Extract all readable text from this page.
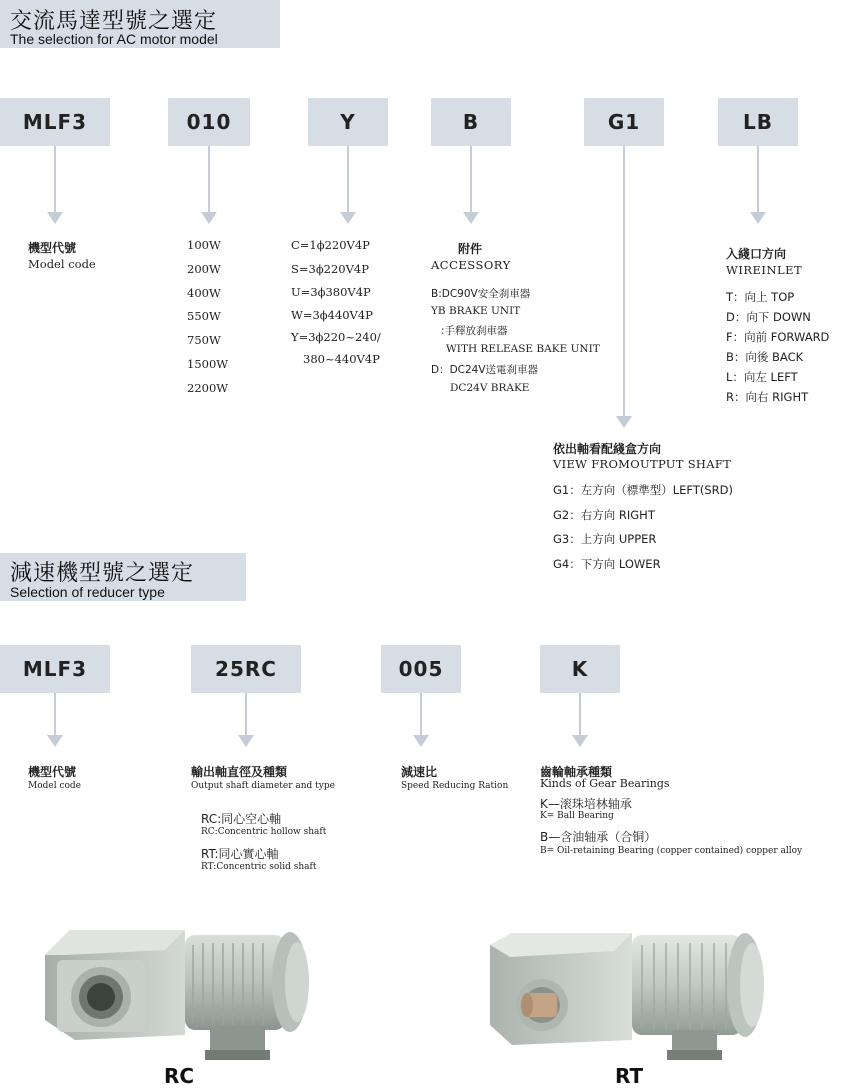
交流馬達型號之選定
The selection for AC motor model
MLF3	010	Y	B	G1	LB
機型代號
Model code
100W
200W
400W
550W
750W
1500W
2200W
C=1ϕ220V4P
S=3ϕ220V4P
U=3ϕ380V4P
W=3ϕ440V4P
Y=3ϕ220~240/
380~440V4P
附件
ACCESSORY
B:DC90V安全刹車器
YB BRAKE UNIT
:手釋放刹車器
WITH RELEASE BAKE UNIT
D：DC24V送電刹車器
DC24V BRAKE
入綫口方向
WIREINLET
T：向上 TOP
D：向下 DOWN
F：向前 FORWARD
B：向後 BACK
L：向左 LEFT
R：向右 RIGHT
依出軸看配綫盒方向
VIEW FROMOUTPUT SHAFT
G1：左方向（標準型）LEFT(SRD)
G2：右方向 RIGHT
G3：上方向 UPPER
G4：下方向 LOWER
減速機型號之選定
Selection of reducer type
MLF3	25RC	005	K
機型代號
Model code
輸出軸直徑及種類
Output shaft diameter and type
RC:同心空心軸
RC:Concentric hollow shaft
RT:同心實心軸
RT:Concentric solid shaft
減速比
Speed Reducing Ration
齒輪軸承種類
Kinds of Gear Bearings
K—滚珠培林轴承
K= Ball Bearing
B—含油轴承（合铜）
B= Oil-retaining Bearing (copper contained) copper alloy
RC	RT
